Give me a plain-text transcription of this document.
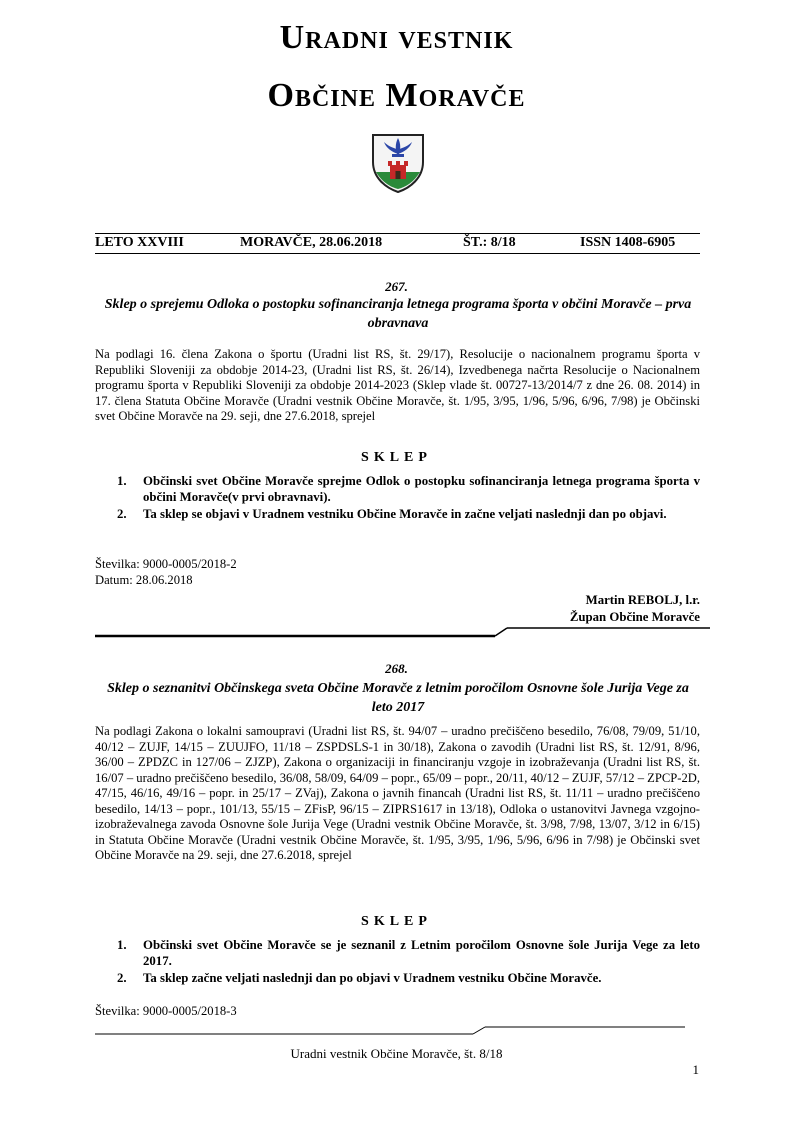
Uradni vestnik
Občine Moravče
LETO XXVIII	MORAVČE, 28.06.2018	ŠT.: 8/18	ISSN 1408-6905
267.
Sklep o sprejemu Odloka o postopku sofinanciranja letnega programa športa v občini Moravče – prva obravnava
Na podlagi 16. člena Zakona o športu (Uradni list RS, št. 29/17), Resolucije o nacionalnem programu športa v Republiki Sloveniji za obdobje 2014-23, (Uradni list RS, št. 26/14), Izvedbenega načrta Resolucije o Nacionalnem programu športa v Republiki Sloveniji za obdobje 2014-2023 (Sklep vlade št. 00727-13/2014/7 z dne 26. 08. 2014) in 17. člena Statuta Občine Moravče (Uradni vestnik Občine Moravče, št. 1/95, 3/95, 1/96, 5/96, 6/96, 7/98) je Občinski svet Občine Moravče na 29. seji, dne 27.6.2018, sprejel
SKLEP
1. Občinski svet Občine Moravče sprejme Odlok o postopku sofinanciranja letnega programa športa v občini Moravče(v prvi obravnavi).
2. Ta sklep se objavi v Uradnem vestniku Občine Moravče in začne veljati naslednji dan po objavi.
Številka: 9000-0005/2018-2
Datum: 28.06.2018
Martin REBOLJ, l.r.
Župan Občine Moravče
268.
Sklep o seznanitvi Občinskega sveta Občine Moravče z letnim poročilom Osnovne šole Jurija Vege za leto 2017
Na podlagi Zakona o lokalni samoupravi (Uradni list RS, št. 94/07 – uradno prečiščeno besedilo, 76/08, 79/09, 51/10, 40/12 – ZUJF, 14/15 – ZUUJFO, 11/18 – ZSPDSLS-1 in 30/18), Zakona o zavodih (Uradni list RS, št. 12/91, 8/96, 36/00 – ZPDZC in 127/06 – ZJZP), Zakona o organizaciji in financiranju vzgoje in izobraževanja (Uradni list RS, št. 16/07 – uradno prečiščeno besedilo, 36/08, 58/09, 64/09 – popr., 65/09 – popr., 20/11, 40/12 – ZUJF, 57/12 – ZPCP-2D, 47/15, 46/16, 49/16 – popr. in 25/17 – ZVaj), Zakona o javnih financah (Uradni list RS, št. 11/11 – uradno prečiščeno besedilo, 14/13 – popr., 101/13, 55/15 – ZFisP, 96/15 – ZIPRS1617 in 13/18), Odloka o ustanovitvi Javnega vzgojno-izobraževalnega zavoda Osnovne šole Jurija Vege (Uradni vestnik Občine Moravče, št. 3/98, 7/98, 13/07, 3/12 in 6/15) in Statuta Občine Moravče (Uradni vestnik Občine Moravče, št. 1/95, 3/95, 1/96, 5/96, 6/96 in 7/98) je Občinski svet Občine Moravče na 29. seji, dne 27.6.2018, sprejel
SKLEP
1. Občinski svet Občine Moravče se je seznanil z Letnim poročilom Osnovne šole Jurija Vege za leto 2017.
2. Ta sklep začne veljati naslednji dan po objavi v Uradnem vestniku Občine Moravče.
Številka: 9000-0005/2018-3
Uradni vestnik Občine Moravče, št. 8/18
1
